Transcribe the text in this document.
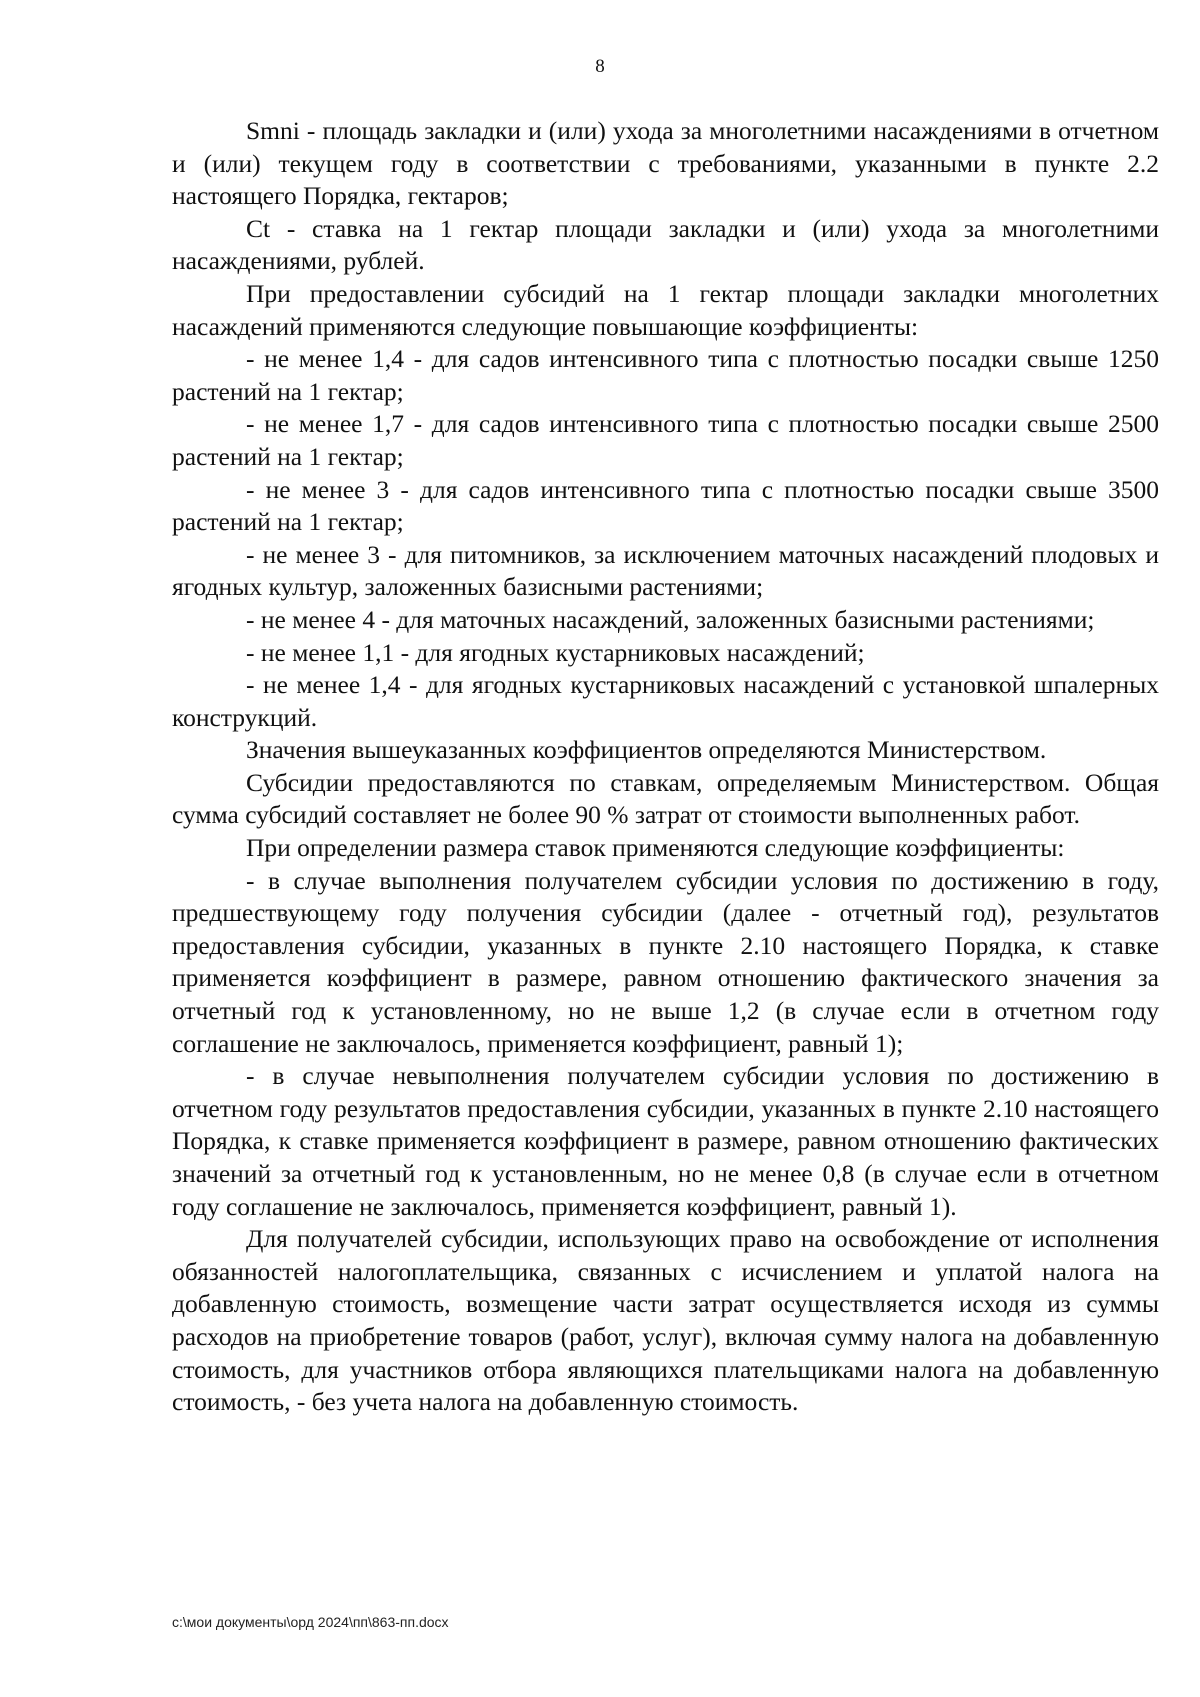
8

Smni - площадь закладки и (или) ухода за многолетними насаждениями в отчетном и (или) текущем году в соответствии с требованиями, указанными в пункте 2.2 настоящего Порядка, гектаров;

Ct - ставка на 1 гектар площади закладки и (или) ухода за многолетними насаждениями, рублей.

При предоставлении субсидий на 1 гектар площади закладки многолетних насаждений применяются следующие повышающие коэффициенты:

- не менее 1,4 - для садов интенсивного типа с плотностью посадки свыше 1250 растений на 1 гектар;

- не менее 1,7 - для садов интенсивного типа с плотностью посадки свыше 2500 растений на 1 гектар;

- не менее 3 - для садов интенсивного типа с плотностью посадки свыше 3500 растений на 1 гектар;

- не менее 3 - для питомников, за исключением маточных насаждений плодовых и ягодных культур, заложенных базисными растениями;

- не менее 4 - для маточных насаждений, заложенных базисными растениями;

- не менее 1,1 - для ягодных кустарниковых насаждений;

- не менее 1,4 - для ягодных кустарниковых насаждений с установкой шпалерных конструкций.

Значения вышеуказанных коэффициентов определяются Министерством.

Субсидии предоставляются по ставкам, определяемым Министерством. Общая сумма субсидий составляет не более 90 % затрат от стоимости выполненных работ.

При определении размера ставок применяются следующие коэффициенты:

- в случае выполнения получателем субсидии условия по достижению в году, предшествующему году получения субсидии (далее - отчетный год), результатов предоставления субсидии, указанных в пункте 2.10 настоящего Порядка, к ставке применяется коэффициент в размере, равном отношению фактического значения за отчетный год к установленному, но не выше 1,2 (в случае если в отчетном году соглашение не заключалось, применяется коэффициент, равный 1);

- в случае невыполнения получателем субсидии условия по достижению в отчетном году результатов предоставления субсидии, указанных в пункте 2.10 настоящего Порядка, к ставке применяется коэффициент в размере, равном отношению фактических значений за отчетный год к установленным, но не менее 0,8 (в случае если в отчетном году соглашение не заключалось, применяется коэффициент, равный 1).

Для получателей субсидии, использующих право на освобождение от исполнения обязанностей налогоплательщика, связанных с исчислением и уплатой налога на добавленную стоимость, возмещение части затрат осуществляется исходя из суммы расходов на приобретение товаров (работ, услуг), включая сумму налога на добавленную стоимость, для участников отбора являющихся плательщиками налога на добавленную стоимость, - без учета налога на добавленную стоимость.

c:\мои документы\орд 2024\пп\863-пп.docx
